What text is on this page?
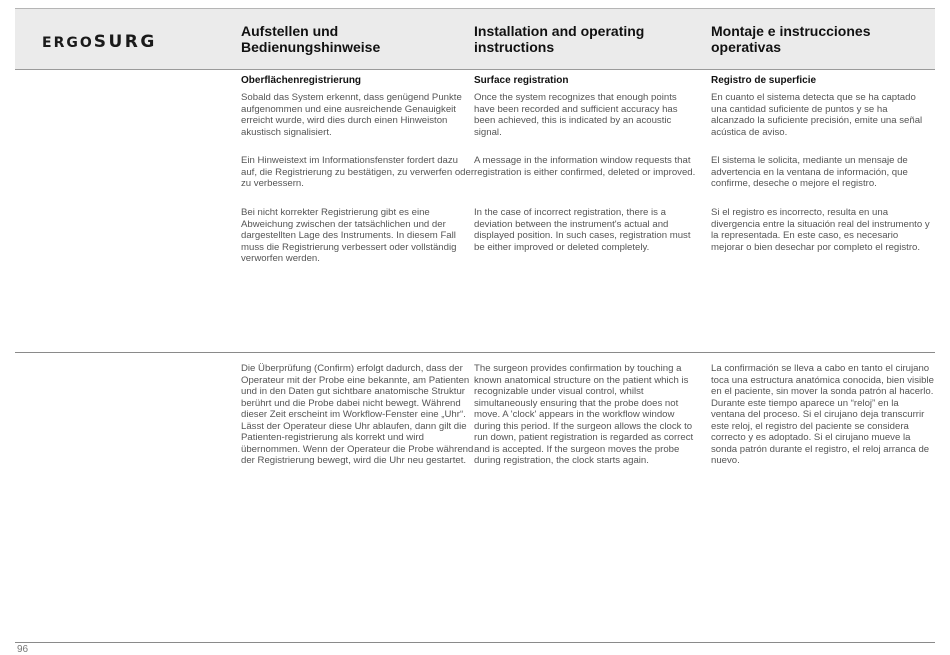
ERGOSURG
Aufstellen und Bedienungshinweise
Oberflächenregistrierung

Sobald das System erkennt, dass genügend Punkte aufgenommen und eine ausreichende Genauigkeit erreicht wurde, wird dies durch einen Hinweiston akustisch signalisiert.

Ein Hinweistext im Informationsfenster fordert dazu auf, die Registrierung zu bestätigen, zu verwerfen oder zu verbessern.

Bei nicht korrekter Registrierung gibt es eine Abweichung zwischen der tatsächlichen und der dargestellten Lage des Instruments. In diesem Fall muss die Registrierung verbessert oder vollständig verworfen werden.

Die Überprüfung (Confirm) erfolgt dadurch, dass der Operateur mit der Probe eine bekannte, am Patienten und in den Daten gut sichtbare anatomische Struktur berührt und die Probe dabei nicht bewegt. Während dieser Zeit erscheint im Workflow-Fenster eine „Uhr“. Lässt der Operateur diese Uhr ablaufen, dann gilt die Patienten-registrierung als korrekt und wird übernommen. Wenn der Operateur die Probe während der Registrierung bewegt, wird die Uhr neu gestartet.

Installation and operating instructions
Surface registration

Once the system recognizes that enough points have been recorded and sufficient accuracy has been achieved, this is indicated by an acoustic signal.

A message in the information window requests that registration is either confirmed, deleted or improved.

In the case of incorrect registration, there is a deviation between the instrument's actual and displayed position. In such cases, registration must be either improved or deleted completely.

The surgeon provides confirmation by touching a known anatomical structure on the patient which is recognizable under visual control, whilst simultaneously ensuring that the probe does not move. A 'clock' appears in the workflow window during this period. If the surgeon allows the clock to run down, patient registration is regarded as correct and is accepted. If the surgeon moves the probe during registration, the clock starts again.

Montaje e instrucciones operativas
Registro de superficie

En cuanto el sistema detecta que se ha captado una cantidad suficiente de puntos y se ha alcanzado la suficiente precisión, emite una señal acústica de aviso.

El sistema le solicita, mediante un mensaje de advertencia en la ventana de información, que confirme, deseche o mejore el registro.

Si el registro es incorrecto, resulta en una divergencia entre la situación real del instrumento y la representada. En este caso, es necesario mejorar o bien desechar por completo el registro.

La confirmación se lleva a cabo en tanto el cirujano toca una estructura anatómica conocida, bien visible en el paciente, sin mover la sonda patrón al hacerlo. Durante este tiempo aparece un “reloj” en la ventana del proceso. Si el cirujano deja transcurrir este reloj, el registro del paciente se considera correcto y es adoptado. Si el cirujano mueve la sonda patrón durante el registro, el reloj arranca de nuevo.

96
